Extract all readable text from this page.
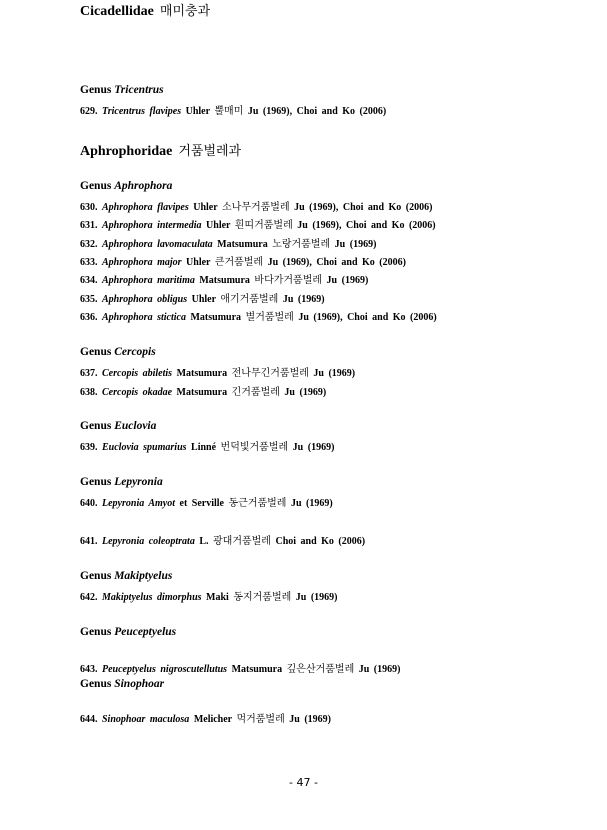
Genus Tricentrus
629. Tricentrus flavipes Uhler 뿔매미 Ju (1969), Choi and Ko (2006)
Aphrophoridae 거품벌레과
Genus Aphrophora
630. Aphrophora flavipes Uhler 소나무거품벌레 Ju (1969), Choi and Ko (2006)
631. Aphrophora intermedia Uhler 흰띠거품벌레 Ju (1969), Choi and Ko (2006)
632. Aphrophora lavomaculata Matsumura 노랑거품벌레 Ju (1969)
633. Aphrophora major Uhler 큰거품벌레 Ju (1969), Choi and Ko (2006)
634. Aphrophora maritima Matsumura 바다가거품벌레 Ju (1969)
635. Aphrophora obligus Uhler 애기거품벌레 Ju (1969)
636. Aphrophora stictica Matsumura 별거품벌레 Ju (1969), Choi and Ko (2006)
Genus Cercopis
637. Cercopis abiletis Matsumura 전나무긴거품벌레 Ju (1969)
638. Cercopis okadae Matsumura 긴거품벌레 Ju (1969)
Genus Euclovia
639. Euclovia spumarius Linné 번덕빛거품벌레 Ju (1969)
Genus Lepyronia
640. Lepyronia Amyot et Serville 동근거품벌레 Ju (1969)
641. Lepyronia coleoptrata L. 광대거품벌레 Choi and Ko (2006)
Genus Makiptyelus
642. Makiptyelus dimorphus Maki 동지거품벌레 Ju (1969)
Genus Peuceptyelus
643. Peuceptyelus nigroscutellutus Matsumura 깊은산거품벌레 Ju (1969)
Genus Sinophoar
644. Sinophoar maculosa Melicher 먹거품벌레 Ju (1969)
Cicadellidae 매미충과
- 47 -
